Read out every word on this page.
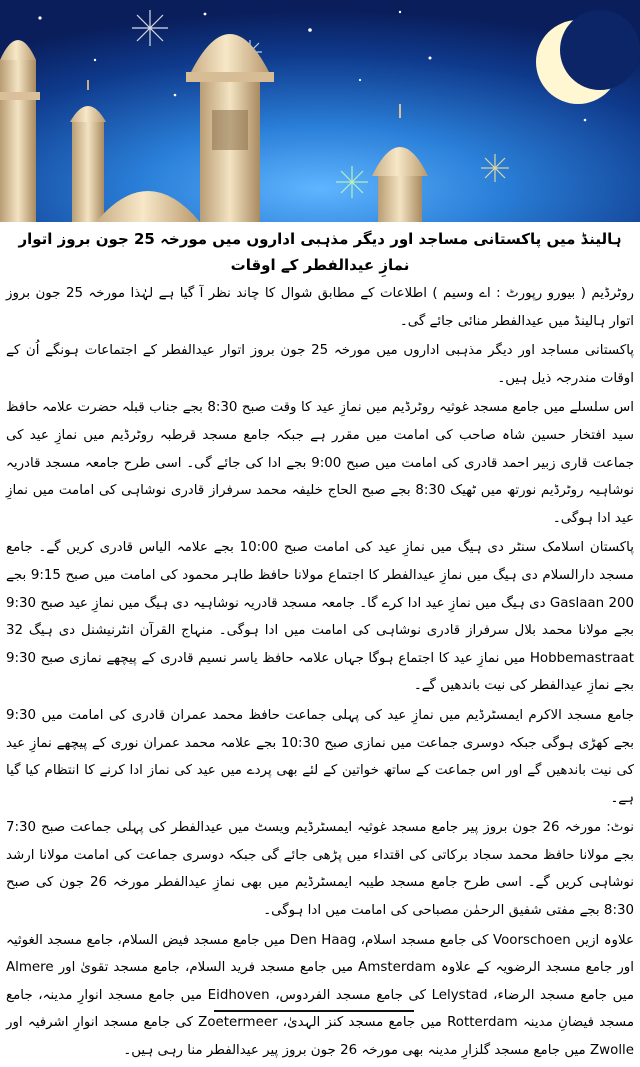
ہالینڈ میں پاکستانی مساجد اور دیگر مذہبی اداروں میں مورخہ 25 جون بروز اتوار نمازِ عیدالفطر کے اوقات
روٹرڈیم ( بیورو رپورٹ : اے وسیم ) اطلاعات کے مطابق شوال کا چاند نظر آ گیا ہے لہٰذا مورخہ 25 جون بروز اتوار ہالینڈ میں عیدالفطر منائی جائے گی۔
پاکستانی مساجد اور دیگر مذہبی اداروں میں مورخہ 25 جون بروز اتوار عیدالفطر کے اجتماعات ہونگے اُن کے اوقات مندرجہ ذیل ہیں۔
اس سلسلے میں جامع مسجد غوثیہ روٹرڈیم میں نمازِ عید کا وقت صبح 8:30 بجے جناب قبلہ حضرت علامہ حافظ سید افتخار حسین شاہ صاحب کی امامت میں مقرر ہے جبکہ جامع مسجد قرطبہ روٹرڈیم میں نمازِ عید کی جماعت قاری زبیر احمد قادری کی امامت میں صبح 9:00 بجے ادا کی جائے گی۔ اسی طرح جامعہ مسجد قادریہ نوشاہیہ روٹرڈیم نورتھ میں ٹھیک 8:30 بجے صبح الحاج خلیفہ محمد سرفراز قادری نوشاہی کی امامت میں نمازِ عید ادا ہوگی۔
پاکستان اسلامک سنٹر دی ہیگ میں نمازِ عید کی امامت صبح 10:00 بجے علامہ الیاس قادری کریں گے۔ جامع مسجد دارالسلام دی ہیگ میں نمازِ عیدالفطر کا اجتماع مولانا حافظ طاہر محمود کی امامت میں صبح 9:15 بجے 200 Gaslaan دی ہیگ میں نمازِ عید ادا کرے گا۔ جامعہ مسجد قادریہ نوشاہیہ دی ہیگ میں نمازِ عید صبح 9:30 بجے مولانا محمد بلال سرفراز قادری نوشاہی کی امامت میں ادا ہوگی۔ منہاج القرآن انٹرنیشنل دی ہیگ 32 Hobbemastraat میں نمازِ عید کا اجتماع ہوگا جہاں علامہ حافظ یاسر نسیم قادری کے پیچھے نمازی صبح 9:30 بجے نمازِ عیدالفطر کی نیت باندھیں گے۔
جامع مسجد الاکرم ایمسٹرڈیم میں نمازِ عید کی پہلی جماعت حافظ محمد عمران قادری کی امامت میں 9:30 بجے کھڑی ہوگی جبکہ دوسری جماعت میں نمازی صبح 10:30 بجے علامہ محمد عمران نوری کے پیچھے نمازِ عید کی نیت باندھیں گے اور اس جماعت کے ساتھ خواتین کے لئے بھی پردے میں عید کی نماز ادا کرنے کا انتظام کیا گیا ہے۔
نوٹ: مورخہ 26 جون بروز پیر جامع مسجد غوثیہ ایمسٹرڈیم ویسٹ میں عیدالفطر کی پہلی جماعت صبح 7:30 بجے مولانا حافظ محمد سجاد برکاتی کی اقتداء میں پڑھی جائے گی جبکہ دوسری جماعت کی امامت مولانا ارشد نوشاہی کریں گے۔ اسی طرح جامع مسجد طیبہ ایمسٹرڈیم میں بھی نمازِ عیدالفطر مورخہ 26 جون کی صبح 8:30 بجے مفتی شفیق الرحمٰن مصباحی کی امامت میں ادا ہوگی۔
علاوہ ازیں Voorschoen کی جامع مسجد اسلام، Den Haag میں جامع مسجد فیض السلام، جامع مسجد الغوثیہ اور جامع مسجد الرضویہ کے علاوہ Amsterdam میں جامع مسجد فرید السلام، جامع مسجد تقویٰ اور Almere میں جامع مسجد الرضاء، Lelystad کی جامع مسجد الفردوس، Eidhoven میں جامع مسجد انوارِ مدینہ، جامع مسجد فیضانِ مدینہ Rotterdam میں جامع مسجد کنز الہدیٰ، Zoetermeer کی جامع مسجد انوارِ اشرفیہ اور Zwolle میں جامع مسجد گلزارِ مدینہ بھی مورخہ 26 جون بروز پیر عیدالفطر منا رہی ہیں۔
